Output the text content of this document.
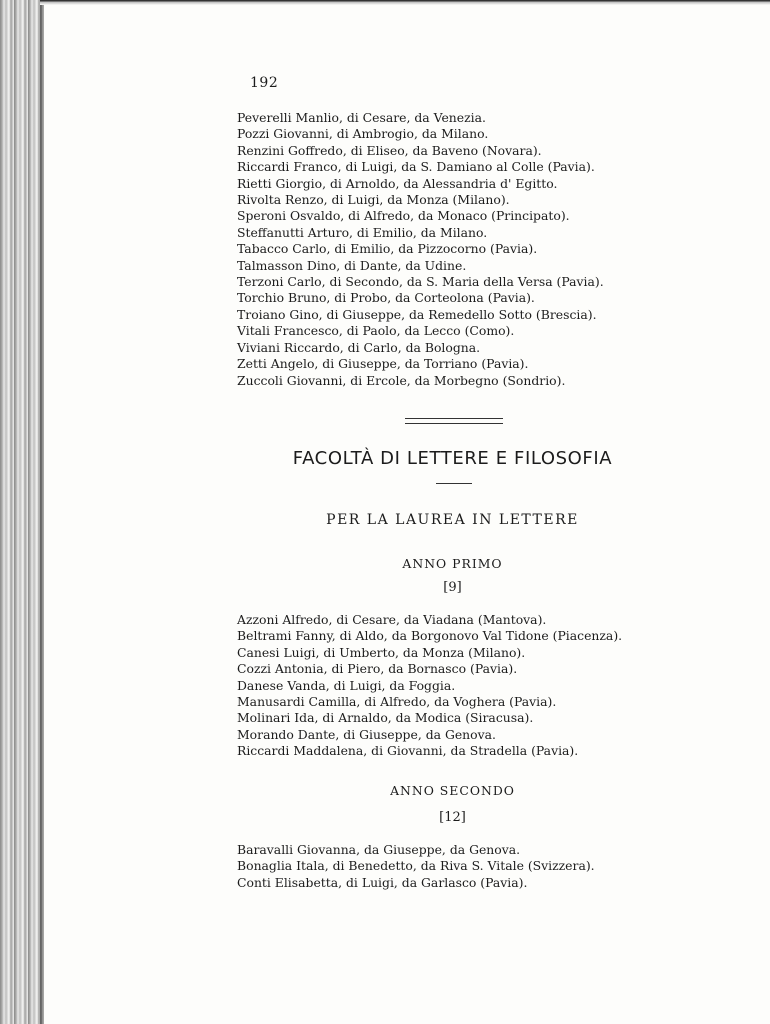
192
Peverelli Manlio, di Cesare, da Venezia.
Pozzi Giovanni, di Ambrogio, da Milano.
Renzini Goffredo, di Eliseo, da Baveno (Novara).
Riccardi Franco, di Luigi, da S. Damiano al Colle (Pavia).
Rietti Giorgio, di Arnoldo, da Alessandria d' Egitto.
Rivolta Renzo, di Luigi, da Monza (Milano).
Speroni Osvaldo, di Alfredo, da Monaco (Principato).
Steffanutti Arturo, di Emilio, da Milano.
Tabacco Carlo, di Emilio, da Pizzocorno (Pavia).
Talmasson Dino, di Dante, da Udine.
Terzoni Carlo, di Secondo, da S. Maria della Versa (Pavia).
Torchio Bruno, di Probo, da Corteolona (Pavia).
Troiano Gino, di Giuseppe, da Remedello Sotto (Brescia).
Vitali Francesco, di Paolo, da Lecco (Como).
Viviani Riccardo, di Carlo, da Bologna.
Zetti Angelo, di Giuseppe, da Torriano (Pavia).
Zuccoli Giovanni, di Ercole, da Morbegno (Sondrio).
FACOLTÀ DI LETTERE E FILOSOFIA
PER LA LAUREA IN LETTERE
ANNO PRIMO
[9]
Azzoni Alfredo, di Cesare, da Viadana (Mantova).
Beltrami Fanny, di Aldo, da Borgonovo Val Tidone (Piacenza).
Canesi Luigi, di Umberto, da Monza (Milano).
Cozzi Antonia, di Piero, da Bornasco (Pavia).
Danese Vanda, di Luigi, da Foggia.
Manusardi Camilla, di Alfredo, da Voghera (Pavia).
Molinari Ida, di Arnaldo, da Modica (Siracusa).
Morando Dante, di Giuseppe, da Genova.
Riccardi Maddalena, di Giovanni, da Stradella (Pavia).
ANNO SECONDO
[12]
Baravalli Giovanna, da Giuseppe, da Genova.
Bonaglia Itala, di Benedetto, da Riva S. Vitale (Svizzera).
Conti Elisabetta, di Luigi, da Garlasco (Pavia).
